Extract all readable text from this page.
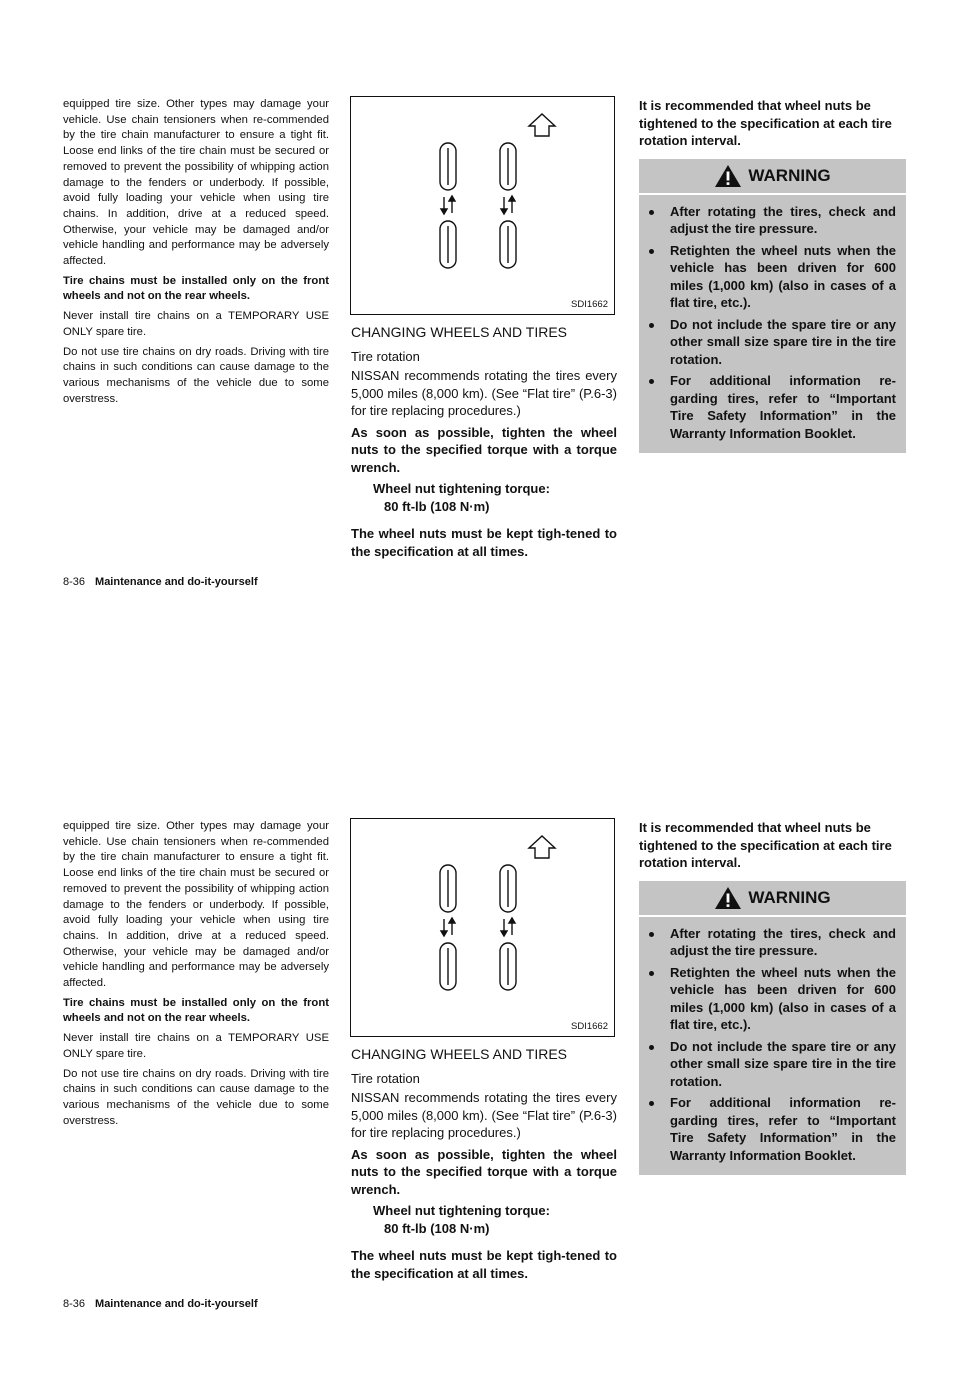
equipped tire size. Other types may damage your vehicle. Use chain tensioners when re-commended by the tire chain manufacturer to ensure a tight fit. Loose end links of the tire chain must be secured or removed to prevent the possibility of whipping action damage to the fenders or underbody. If possible, avoid fully loading your vehicle when using tire chains. In addition, drive at a reduced speed. Otherwise, your vehicle may be damaged and/or vehicle handling and performance may be adversely affected.

Tire chains must be installed only on the front wheels and not on the rear wheels.

Never install tire chains on a TEMPORARY USE ONLY spare tire.

Do not use tire chains on dry roads. Driving with tire chains in such conditions can cause damage to the various mechanisms of the vehicle due to some overstress.

SDI1662

CHANGING WHEELS AND TIRES

Tire rotation

NISSAN recommends rotating the tires every 5,000 miles (8,000 km). (See “Flat tire” (P.6-3) for tire replacing procedures.)

As soon as possible, tighten the wheel nuts to the specified torque with a torque wrench.

Wheel nut tightening torque:

80 ft-lb (108 N·m)

The wheel nuts must be kept tigh-tened to the specification at all times.

It is recommended that wheel nuts be tightened to the specification at each tire rotation interval.

WARNING
After rotating the tires, check and adjust the tire pressure.
Retighten the wheel nuts when the vehicle has been driven for 600 miles (1,000 km) (also in cases of a flat tire, etc.).
Do not include the spare tire or any other small size spare tire in the tire rotation.
For additional information re-garding tires, refer to “Important Tire Safety Information” in the Warranty Information Booklet.
8-36 Maintenance and do-it-yourself

equipped tire size. Other types may damage your vehicle. Use chain tensioners when re-commended by the tire chain manufacturer to ensure a tight fit. Loose end links of the tire chain must be secured or removed to prevent the possibility of whipping action damage to the fenders or underbody. If possible, avoid fully loading your vehicle when using tire chains. In addition, drive at a reduced speed. Otherwise, your vehicle may be damaged and/or vehicle handling and performance may be adversely affected.

Tire chains must be installed only on the front wheels and not on the rear wheels.

Never install tire chains on a TEMPORARY USE ONLY spare tire.

Do not use tire chains on dry roads. Driving with tire chains in such conditions can cause damage to the various mechanisms of the vehicle due to some overstress.

SDI1662

CHANGING WHEELS AND TIRES

Tire rotation

NISSAN recommends rotating the tires every 5,000 miles (8,000 km). (See “Flat tire” (P.6-3) for tire replacing procedures.)

As soon as possible, tighten the wheel nuts to the specified torque with a torque wrench.

Wheel nut tightening torque:

80 ft-lb (108 N·m)

The wheel nuts must be kept tigh-tened to the specification at all times.

It is recommended that wheel nuts be tightened to the specification at each tire rotation interval.

WARNING
After rotating the tires, check and adjust the tire pressure.
Retighten the wheel nuts when the vehicle has been driven for 600 miles (1,000 km) (also in cases of a flat tire, etc.).
Do not include the spare tire or any other small size spare tire in the tire rotation.
For additional information re-garding tires, refer to “Important Tire Safety Information” in the Warranty Information Booklet.
8-36 Maintenance and do-it-yourself
